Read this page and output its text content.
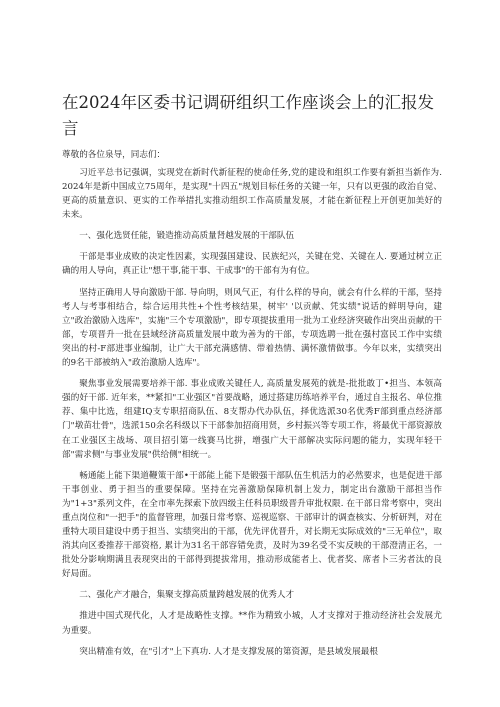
在2024年区委书记调研组织工作座谈会上的汇报发言

尊敬的各位泉导，同志们：

习近平总书记强调，实现党在新时代新征程的使命任务,党的建设和组织工作要有新担当新作为. 2024年是新中国成立75周年，是实现"十四五"规划目标任务的关键一年，只有以更强的政治自觉、更高的质量意识、更实的工作举措扎实推动组织工作高质量发展，才能在新征程上开创更加美好的未来。

一、强化选贤任能，锻造推动高质量肾越发展的干部队伍

干部是事业成败的决定性因素，实现强国建设、民族纪兴，关键在党、关键在人. 要通过树立正确的用人导向，真正让"想干事,能干事、干成事"的干部有为有位。

坚持正确用人导向激励干部. 导向明，则风气正，有什么样的导向，就会有什么样的干部，坚持考人与考事相结合，综合运用共性+个性考核结果，树牢' '以贡献、凭实绩"说话的鲜明导向，建立"政治激励入选库"，实施"三个专项激励"，即专项提拔重用一批为工业经济突破作出突出贡献的干部，专项晋升一批在县域经济高质量发展中敢为善为的干部，专项选聘一批在强村富民工作中实绩突出的村-F部进事业编制，让广大干部充满感情、带着热情、满怀激情做事。今年以来，实绩突出的9名干部被纳入"政治激励人选库"。

聚焦事业发展需要培养干部. 事业成败关键任人, 高质量发展苑的就是-批批敢丁•担当、本领高强的好干部. 近年来，**紧扣"工业强区"首要战略，通过搭建历练培养平台，通过自主报名、单位推荐、集中比选，组建IQ支专职招商队伍、8支帮办代办队伍，择优选派30名优秀F部到重点经济部门"墩苗壮骨"，选派150余名科级以下干部参加招商用贤，乡村振兴等专项工作，将最优干部资源放在工业强区主战场、项目招引第一线赛马比拼，增强广大干部解决实际问题的能力，实现年轻干部"需求侧"与事业发展"供给侧"相统一。

畅通能上能下渠道鞭策干部•干部能上能下是锻强干部队伍生机活力的必然要求，也是促进干部干事创业、勇于担当的重要保障。坚持在完善激励保障机制上发力，制定出台激励干部担当作为"1+3"系列文件，在全市率先探索下放四级主任科员职级晋升审批权限. 在干部日常考察中，突出重点岗位和"一把手"的监督管理，加强日常考察、巡视巡察、干部审计的调查核实、分析研判，对在重特大项目建设中勇于担当、实绩突出的干部，优先评优晋升，对长期无实际成效的"三无单位"，取消其向区委推荐干部资格, 累计为31名干部容错免责，及时为39名受不实反映的干部澄清正名，一批处分影响期满且表现突出的干部得到提拔常用，推动形成能者上、优者奖、席者卜三劣者汰的良好局面。

二、强化产才融合，集聚支撑高质量跨越发展的优秀人才

推进中国式现代化，人才是战略性支撑。**作为精致小城，人才支撑对于推动经济社会发展尤为重要。

突出精准有效，在"引才"上下真功. 人才是支撑发展的第资源，是县域发展最根
